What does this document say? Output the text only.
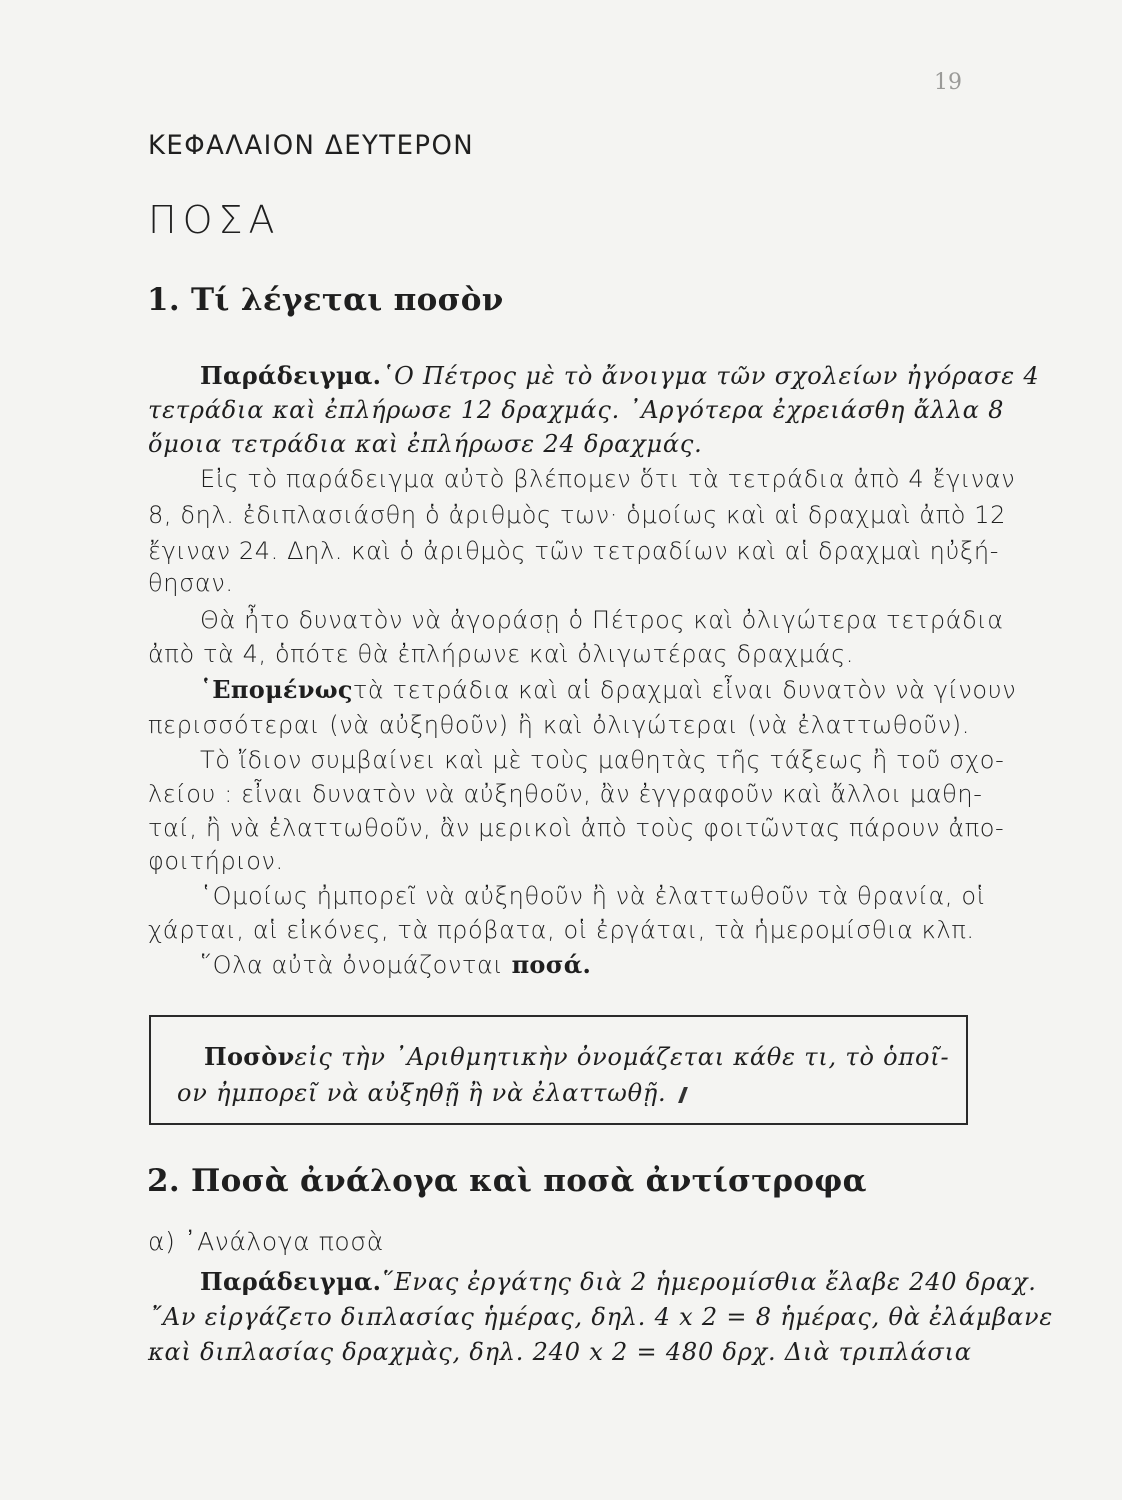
19
ΚΕΦΑΛΑΙΟΝ ΔΕΥΤΕΡΟΝ
ΠΟΣΑ
1. Τί λέγεται ποσὸν
Παράδειγμα. ῾Ο Πέτρος μὲ τὸ ἄνοιγμα τῶν σχολείων ἠγόρασε 4
τετράδια καὶ ἐπλήρωσε 12 δραχμάς. ᾿Αργότερα ἐχρειάσθη ἄλλα 8
ὅμοια τετράδια καὶ ἐπλήρωσε 24 δραχμάς.
Εἰς τὸ παράδειγμα αὐτὸ βλέπομεν ὅτι τὰ τετράδια ἀπὸ 4 ἔγιναν
8, δηλ. ἐδιπλασιάσθη ὁ ἀριθμὸς των· ὁμοίως καὶ αἱ δραχμαὶ ἀπὸ 12
ἔγιναν 24. Δηλ. καὶ ὁ ἀριθμὸς τῶν τετραδίων καὶ αἱ δραχμαὶ ηὐξή-
θησαν.
Θὰ ἦτο δυνατὸν νὰ ἀγοράσῃ ὁ Πέτρος καὶ ὀλιγώτερα τετράδια
ἀπὸ τὰ 4, ὁπότε θὰ ἐπλήρωνε καὶ ὀλιγωτέρας δραχμάς.
῾Επομένως τὰ τετράδια καὶ αἱ δραχμαὶ εἶναι δυνατὸν νὰ γίνουν
περισσότεραι (νὰ αὐξηθοῦν) ἢ καὶ ὀλιγώτεραι (νὰ ἐλαττωθοῦν).
Τὸ ἴδιον συμβαίνει καὶ μὲ τοὺς μαθητὰς τῆς τάξεως ἢ τοῦ σχο-
λείου : εἶναι δυνατὸν νὰ αὐξηθοῦν, ἂν ἐγγραφοῦν καὶ ἄλλοι μαθη-
ταί, ἢ νὰ ἐλαττωθοῦν, ἂν μερικοὶ ἀπὸ τοὺς φοιτῶντας πάρουν ἀπο-
φοιτήριον.
῾Ομοίως ἠμπορεῖ νὰ αὐξηθοῦν ἢ νὰ ἐλαττωθοῦν τὰ θρανία, οἱ
χάρται, αἱ εἰκόνες, τὰ πρόβατα, οἱ ἐργάται, τὰ ἡμερομίσθια κλπ.
῞Ολα αὐτὰ ὀνομάζονται ποσά.
Ποσὸν εἰς τὴν ᾿Αριθμητικὴν ὀνομάζεται κάθε τι, τὸ ὁποῖ-
ον ἠμπορεῖ νὰ αὐξηθῇ ἢ νὰ ἐλαττωθῇ.
2. Ποσὰ ἀνάλογα καὶ ποσὰ ἀντίστροφα
α) ᾿Ανάλογα ποσὰ
Παράδειγμα. ῞Ενας ἐργάτης διὰ 2 ἡμερομίσθια ἔλαβε 240 δραχ.
῎Αν εἰργάζετο διπλασίας ἡμέρας, δηλ. 4 x 2 = 8 ἡμέρας, θὰ ἐλάμβανε
καὶ διπλασίας δραχμὰς, δηλ. 240 x 2 = 480 δρχ. Διὰ τριπλάσια
